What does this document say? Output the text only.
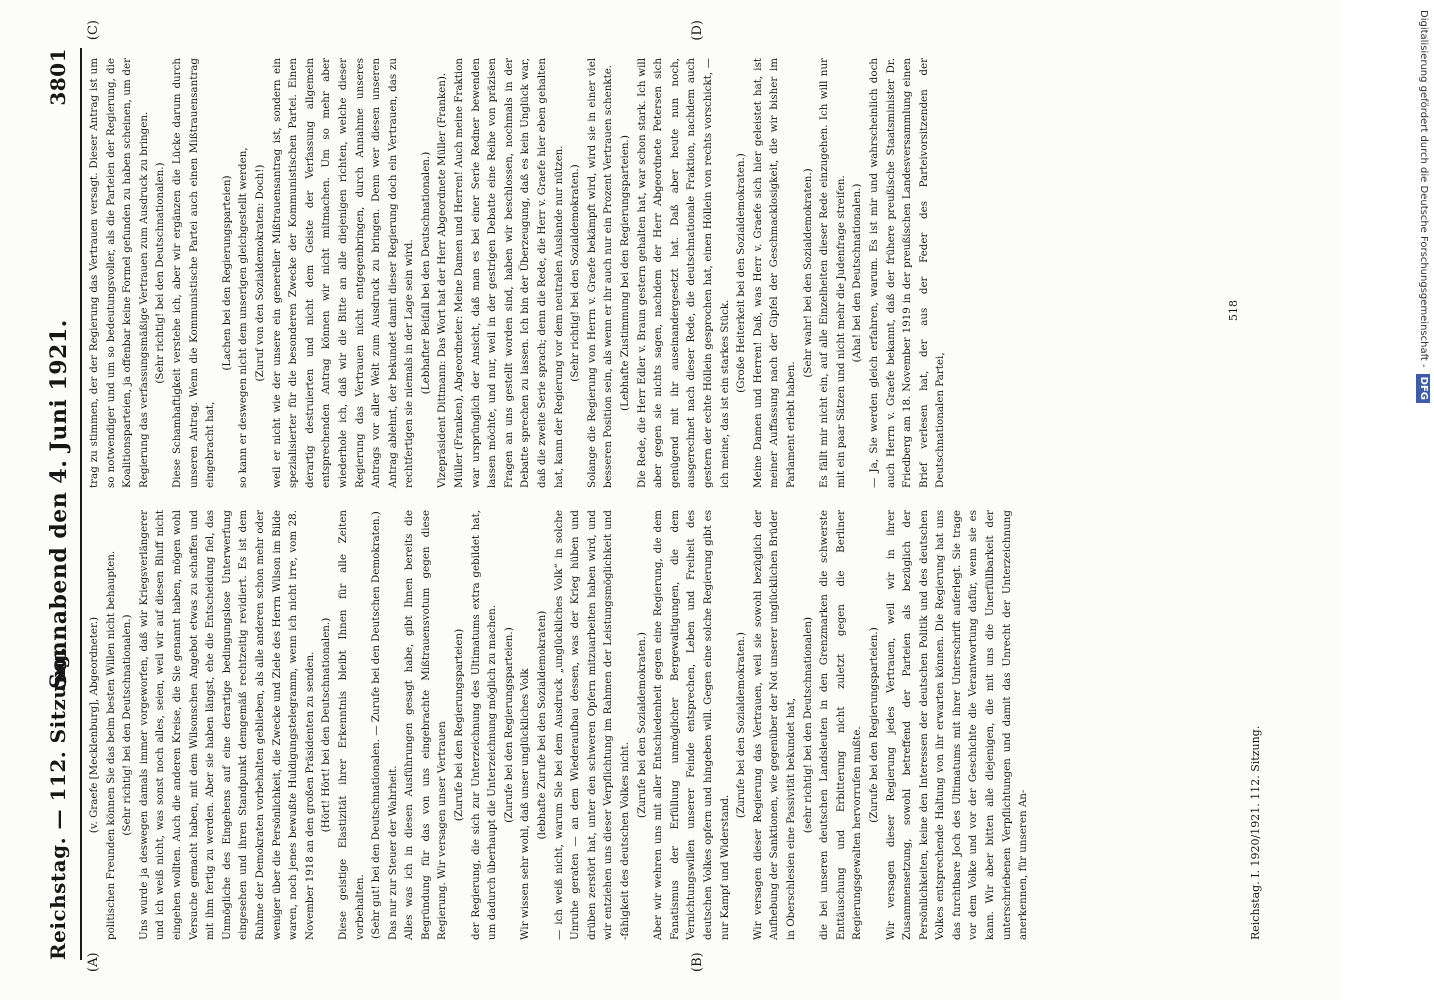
Reichstag. — 112. Sitzung.
Sonnabend den 4. Juni 1921.
3801
(A)	(B)
(C)	(D)

(v. Graefe [Mecklenburg], Abgeordneter.) politischen Freunden können Sie das beim besten Willen nicht behaupten. (Sehr richtig! bei den Deutschnationalen.) Uns wurde ja deswegen damals immer vorgeworfen, daß wir Kriegsverlängerer und ich weiß nicht, was sonst noch alles, seien, weil wir auf diesen Bluff nicht eingehen wollten. Auch die anderen Kreise, die Sie genannt haben, mögen wohl Versuche gemacht haben, mit dem Wilsonschen Angebot etwas zu schaffen und mit ihm fertig zu werden. Aber sie haben längst, ehe die Entscheidung fiel, das Unmögliche des Eingehens auf eine derartige bedingungslose Unterwerfung eingesehen und ihren Standpunkt demgemäß rechtzeitig revidiert. Es ist dem Ruhme der Demokraten vorbehalten geblieben, als alle anderen schon mehr oder weniger über die Persönlichkeit, die Zwecke und Ziele des Herrn Wilson im Bilde waren, noch jenes bewußte Huldigungstelegramm, wenn ich nicht irre, vom 28. November 1918 an den großen Präsidenten zu senden. (Hört! Hört! bei den Deutschnationalen.) Diese geistige Elastizität ihrer Erkenntnis bleibt Ihnen für alle Zeiten vorbehalten. (Sehr gut! bei den Deutschnationalen. — Zurufe bei den Deutschen Demokraten.) Das nur zur Steuer der Wahrheit. Alles was ich in diesen Ausführungen gesagt habe, gibt Ihnen bereits die Begründung für das von uns eingebrachte Mißtrauensvotum gegen diese Regierung. Wir versagen unser Vertrauen (Zurufe bei den Regierungsparteien) der Regierung, die sich zur Unterzeichnung des Ultimatums extra gebildet hat, um dadurch überhaupt die Unterzeichnung möglich zu machen. (Zurufe bei den Regierungsparteien.) Wir wissen sehr wohl, daß unser unglückliches Volk (lebhafte Zurufe bei den Sozialdemokraten) — ich weiß nicht, warum Sie bei dem Ausdruck „unglückliches Volk“ in solche Unruhe geraten — an dem Wiederaufbau dessen, was der Krieg hüben und drüben zerstört hat, unter den schweren Opfern mitzuarbeiten haben wird, und wir entziehen uns dieser Verpflichtung im Rahmen der Leistungsmöglichkeit und -fähigkeit des deutschen Volkes nicht.

(Zurufe bei den Sozialdemokraten.) Aber wir wehren uns mit aller Entschiedenheit gegen eine Regierung, die dem Fanatismus der Erfüllung unmöglicher Bergewaltigungen, die dem Vernichtungswillen unserer Feinde entsprechen, Leben und Freiheit des deutschen Volkes opfern und hingeben will. Gegen eine solche Regierung gibt es nur Kampf und Widerstand.

(Zurufe bei den Sozialdemokraten.) Wir versagen dieser Regierung das Vertrauen, weil sie sowohl bezüglich der Aufhebung der Sanktionen, wie gegenüber der Not unserer unglücklichen Brüder in Oberschlesien eine Passivität bekundet hat, (sehr richtig! bei den Deutschnationalen) die bei unseren deutschen Landsleuten in den Grenzmarken die schwerste Enttäuschung und Erbitterung nicht zuletzt gegen die Berliner Regierungsgewalten hervorrufen mußte.

(Zurufe bei den Regierungsparteien.) Wir versagen dieser Regierung jedes Vertrauen, weil wir in ihrer Zusammensetzung, sowohl betreffend der Parteien als bezüglich der Persönlichkeiten, keine den Interessen der deutschen Politik und des deutschen Volkes entsprechende Haltung von ihr erwarten können. Die Regierung hat uns das furchtbare Joch des Ultimatums mit ihrer Unterschrift auferlegt. Sie trage vor dem Volke und vor der Geschichte die Verantwortung dafür, wenn sie es kann. Wir aber bitten alle diejenigen, die mit uns die Unerfüllbarkeit der unterschriebenen Verpflichtungen und damit das Unrecht der Unterzeichnung anerkennen, für unseren An-

trag zu stimmen, der der Regierung das Vertrauen versagt. Dieser Antrag ist um so notwendiger und um so bedeutungsvoller, als die Parteien der Regierung, die Koalitionsparteien, ja offenbar keine Formel gefunden zu haben scheinen, um der Regierung das verfassungsmäßige Vertrauen zum Ausdruck zu bringen. (Sehr richtig! bei den Deutschnationalen.) Diese Schamhaftigkeit verstehe ich, aber wir ergänzen die Lücke darum durch unseren Antrag. Wenn die Kommunistische Partei auch einen Mißtrauensantrag eingebracht hat,

(Lachen bei den Regierungsparteien) so kann er deswegen nicht dem unserigen gleichgestellt werden, (Zuruf von den Sozialdemokraten: Doch!) weil er nicht wie der unsere ein genereller Mißtrauensantrag ist, sondern ein spezialisierter für die besonderen Zwecke der Kommunistischen Partei. Einen derartig destruierten und nicht dem Geiste der Verfassung allgemein entsprechenden Antrag können wir nicht mitmachen. Um so mehr aber wiederhole ich, daß wir die Bitte an alle diejenigen richten, welche dieser Regierung das Vertrauen nicht entgegenbringen, durch Annahme unseres Antrags vor aller Welt zum Ausdruck zu bringen. Denn wer diesen unseren Antrag ablehnt, der bekundet damit dieser Regierung doch ein Vertrauen, das zu rechtfertigen sie niemals in der Lage sein wird. (Lebhafter Beifall bei den Deutschnationalen.) Vizepräsident Dittmann: Das Wort hat der Herr Abgeordnete Müller (Franken). Müller (Franken), Abgeordneter: Meine Damen und Herren! Auch meine Fraktion war ursprünglich der Ansicht, daß man es bei einer Serie Redner bewenden lassen möchte, und nur, weil in der gestrigen Debatte eine Reihe von präzisen Fragen an uns gestellt worden sind, haben wir beschlossen, nochmals in der Debatte sprechen zu lassen. Ich bin der Überzeugung, daß es kein Unglück war, daß die zweite Serie sprach; denn die Rede, die Herr v. Graefe hier eben gehalten hat, kann der Regierung vor dem neutralen Auslande nur nützen. (Sehr richtig! bei den Sozialdemokraten.) Solange die Regierung von Herrn v. Graefe bekämpft wird, wird sie in einer viel besseren Position sein, als wenn er ihr auch nur ein Prozent Vertrauen schenkte. (Lebhafte Zustimmung bei den Regierungsparteien.) Die Rede, die Herr Edler v. Braun gestern gehalten hat, war schon stark. Ich will aber gegen sie nichts sagen, nachdem der Herr Abgeordnete Petersen sich genügend mit ihr auseinandergesetzt hat. Daß aber heute nun noch, ausgerechnet nach dieser Rede, die deutschnationale Fraktion, nachdem auch gestern der echte Höllein gesprochen hat, einen Höllein von rechts vorschickt, — ich meine, das ist ein starkes Stück.

(Große Heiterkeit bei den Sozialdemokraten.) Meine Damen und Herren! Daß, was Herr v. Graefe sich hier geleistet hat, ist meiner Auffassung nach der Gipfel der Geschmacklosigkeit, die wir bisher im Parlament erlebt haben.

(Sehr wahr! bei den Sozialdemokraten.) Es fällt mir nicht ein, auf alle Einzelheiten dieser Rede einzugehen. Ich will nur mit ein paar Sätzen und nicht mehr die Judenfrage streifen. (Aha! bei den Deutschnationalen.) — Ja, Sie werden gleich erfahren, warum. Es ist mir und wahrscheinlich doch auch Herrn v. Graefe bekannt, daß der frühere preußische Staatsminister Dr. Friedberg am 18. November 1919 in der preußischen Landesversammlung einen Brief verlesen hat, der aus der Feder des Parteivorsitzenden der Deutschnationalen Partei,

Reichstag. I. 1920/1921. 112. Sitzung.
518	Digitalisierung gefördert durch die Deutsche Forschungsgemeinschaft -DFG
